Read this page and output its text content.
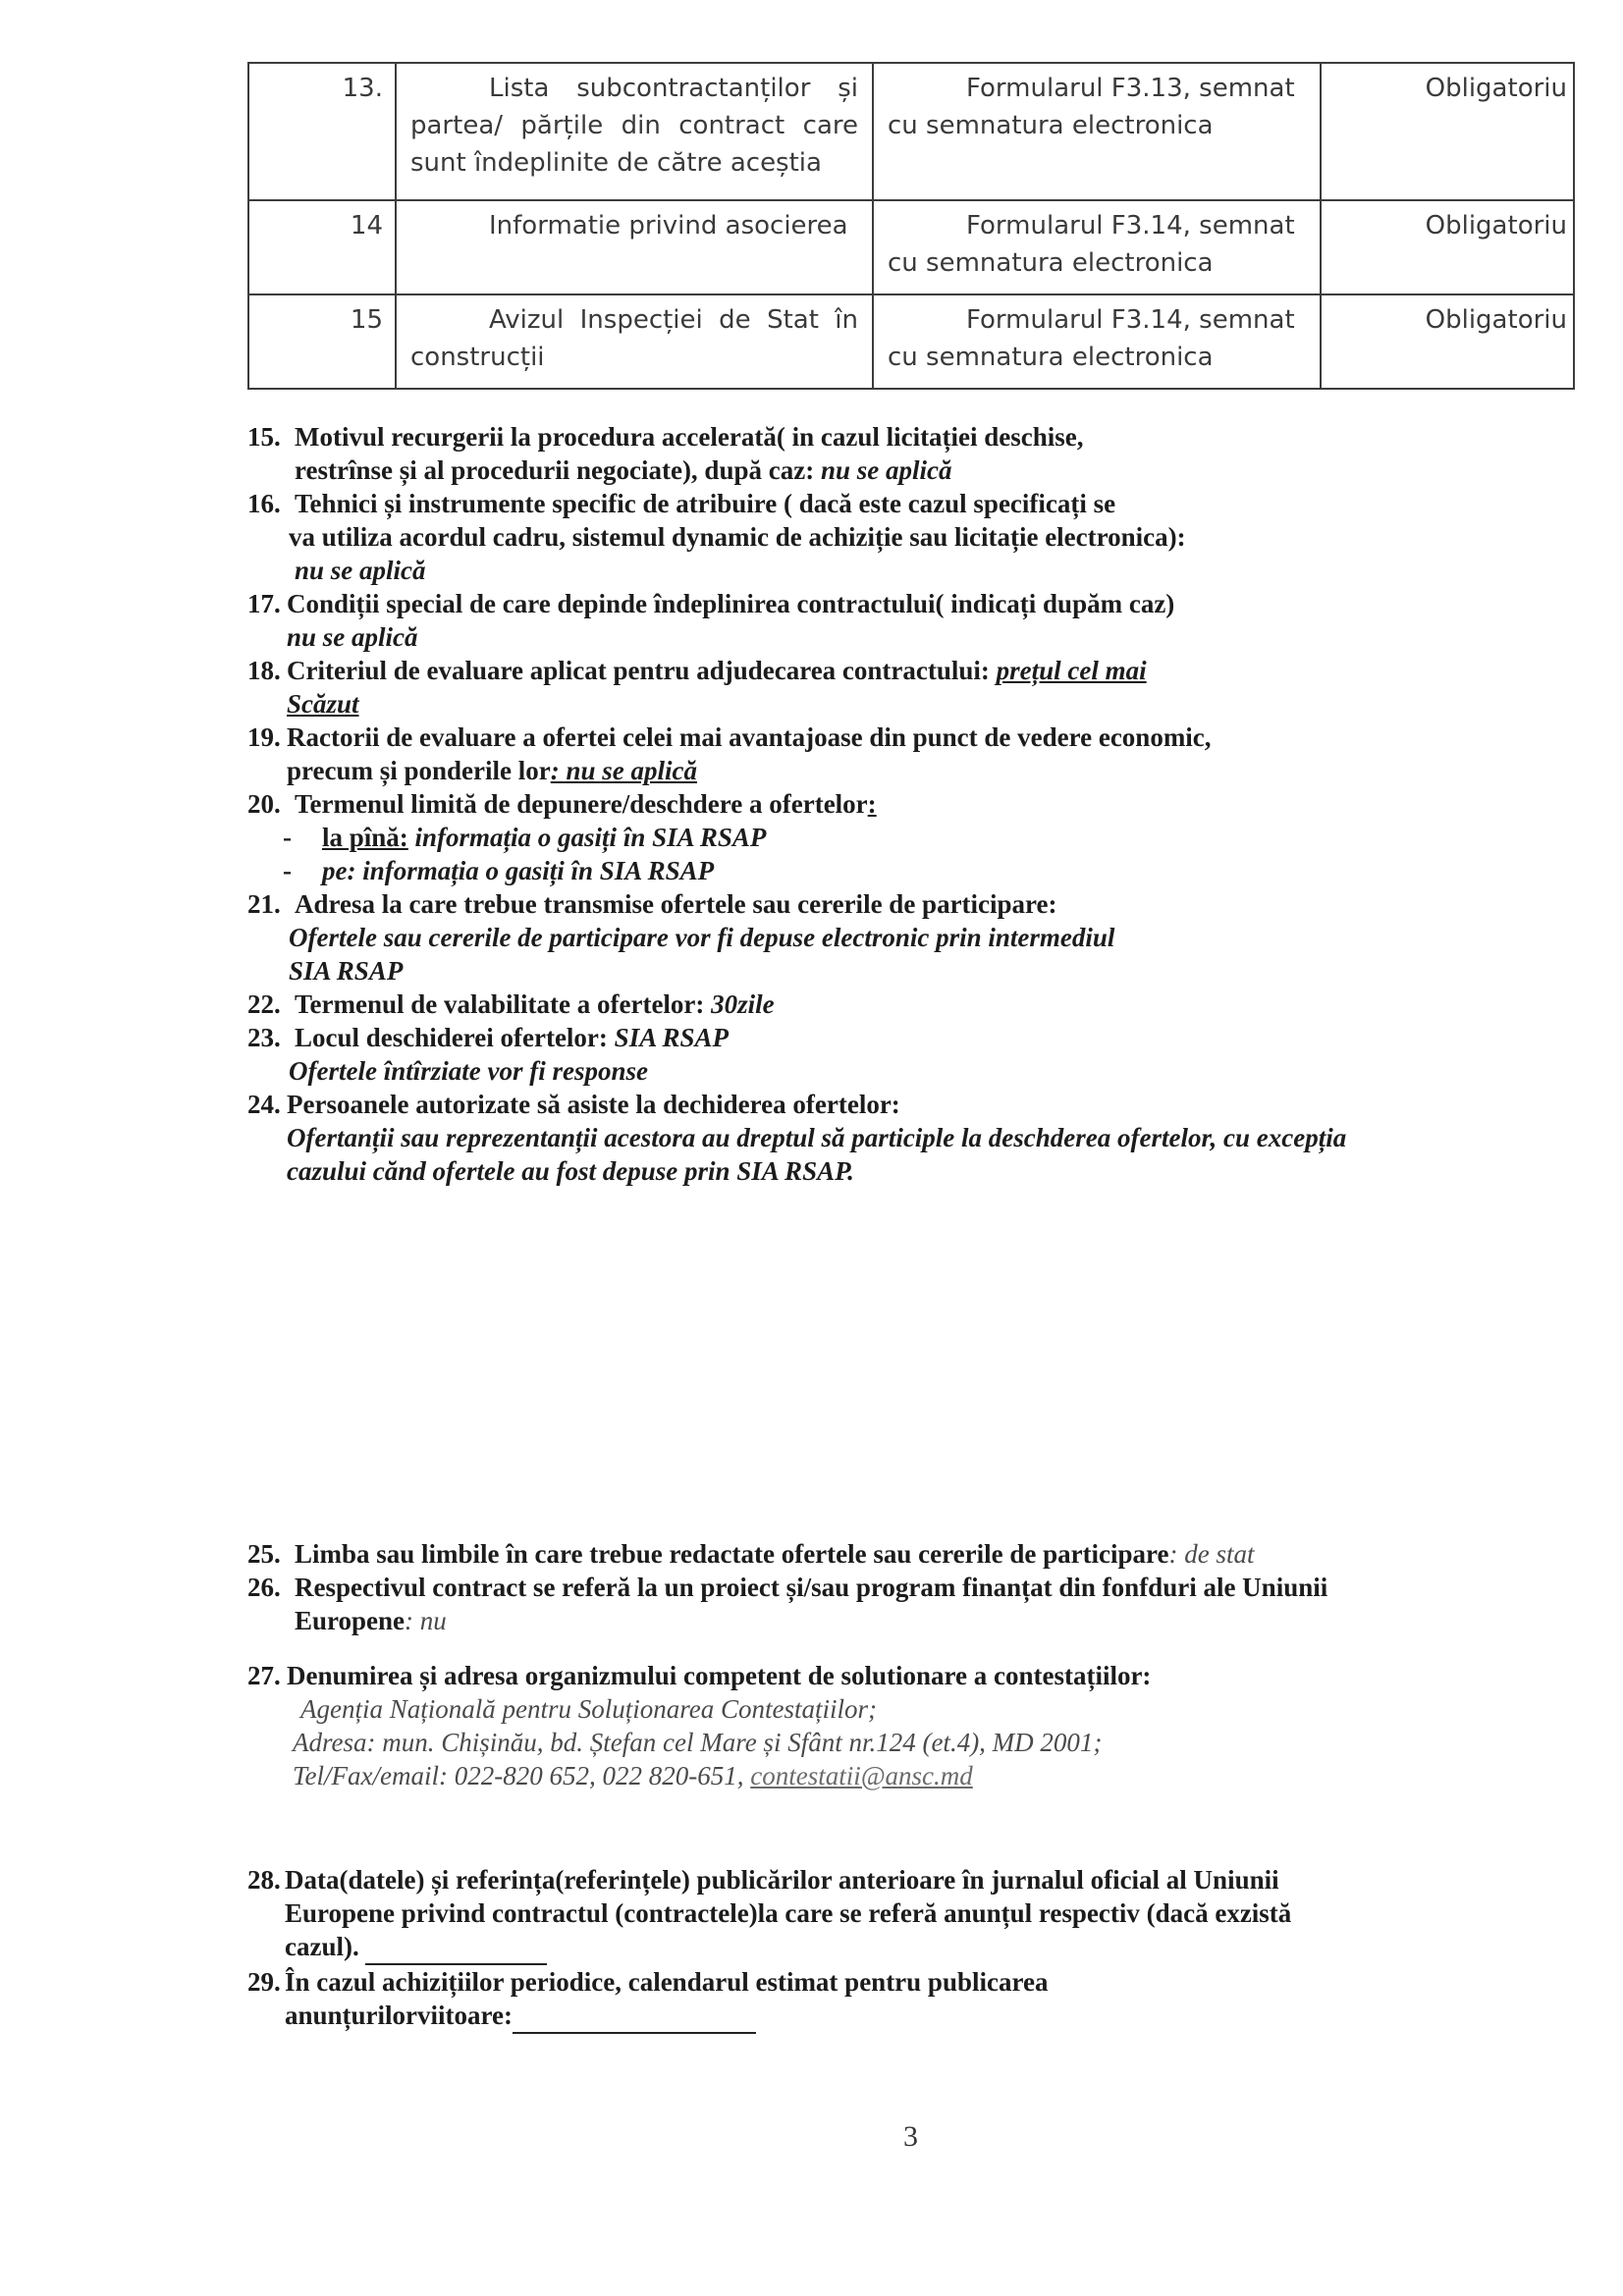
13.	Lista subcontractanților și partea/ părțile din contract care sunt îndeplinite de către aceștia	Formularul F3.13, semnat cu semnatura electronica	Obligatoriu
14	Informatie privind asocierea	Formularul F3.14, semnat cu semnatura electronica	Obligatoriu
15	Avizul Inspecției de Stat în construcții	Formularul F3.14, semnat cu semnatura electronica	Obligatoriu
15. Motivul recurgerii la procedura accelerată( in cazul licitației deschise,
restrînse și al procedurii negociate), după caz: nu se aplică
16. Tehnici și instrumente specific de atribuire ( dacă este cazul specificați se
va utiliza acordul cadru, sistemul dynamic de achiziție sau licitație electronica):
nu se aplică
17. Condiții special de care depinde îndeplinirea contractului( indicați dupăm caz)
nu se aplică
18. Criteriul de evaluare aplicat pentru adjudecarea contractului: prețul cel mai
Scăzut
19. Ractorii de evaluare a ofertei celei mai avantajoase din punct de vedere economic,
precum și ponderile lor: nu se aplică
20. Termenul limită de depunere/deschdere a ofertelor:
- la pînă: informația o gasiți în SIA RSAP
- pe: informația o gasiți în SIA RSAP
21. Adresa la care trebue transmise ofertele sau cererile de participare:
Ofertele sau cererile de participare vor fi depuse electronic prin intermediul
SIA RSAP
22. Termenul de valabilitate a ofertelor: 30zile
23. Locul deschiderei ofertelor: SIA RSAP
Ofertele întîrziate vor fi response
24. Persoanele autorizate să asiste la dechiderea ofertelor:
Ofertanții sau reprezentanții acestora au dreptul să participle la deschderea ofertelor, cu excepția
cazului cănd ofertele au fost depuse prin SIA RSAP.
25. Limba sau limbile în care trebue redactate ofertele sau cererile de participare: de stat
26. Respectivul contract se referă la un proiect și/sau program finanțat din fonfduri ale Uniunii
Europene: nu
27. Denumirea și adresa organizmului competent de solutionare a contestațiilor:
Agenția Națională pentru Soluționarea Contestațiilor;
Adresa: mun. Chișinău, bd. Ștefan cel Mare și Sfânt nr.124 (et.4), MD 2001;
Tel/Fax/email: 022-820 652, 022 820-651, contestatii@ansc.md
28. Data(datele) și referința(referințele) publicărilor anterioare în jurnalul oficial al Uniunii
Europene privind contractul (contractele)la care se referă anunțul respectiv (dacă exzistă
cazul).
29. În cazul achizițiilor periodice, calendarul estimat pentru publicarea
anunțurilorviitoare:
3
